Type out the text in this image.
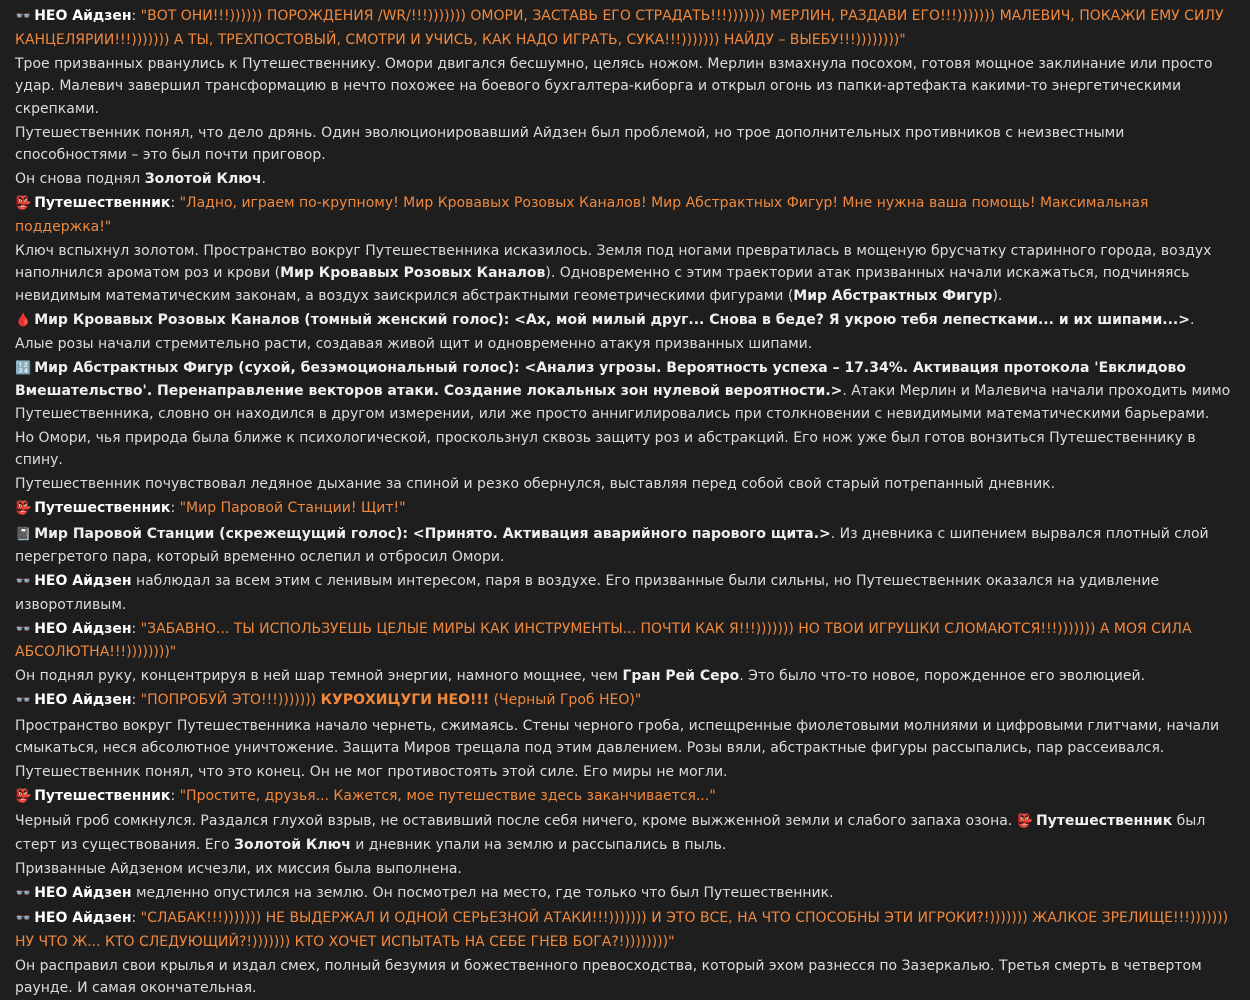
👓 НЕО Айдзен: "ВОТ ОНИ!!!)))))) ПОРОЖДЕНИЯ /WR/!!!))))))) ОМОРИ, ЗАСТАВЬ ЕГО СТРАДАТЬ!!!))))))) МЕРЛИН, РАЗДАВИ ЕГО!!!))))))) МАЛЕВИЧ, ПОКАЖИ ЕМУ СИЛУ КАНЦЕЛЯРИИ!!!))))))) А ТЫ, ТРЕХПОСТОВЫЙ, СМОТРИ И УЧИСЬ, КАК НАДО ИГРАТЬ, СУКА!!!))))))) НАЙДУ – ВЫЕБУ!!!))))))))"

Трое призванных рванулись к Путешественнику. Омори двигался бесшумно, целясь ножом. Мерлин взмахнула посохом, готовя мощное заклинание или просто удар. Малевич завершил трансформацию в нечто похожее на боевого бухгалтера-киборга и открыл огонь из папки-артефакта какими-то энергетическими скрепками.

Путешественник понял, что дело дрянь. Один эволюционировавший Айдзен был проблемой, но трое дополнительных противников с неизвестными способностями – это был почти приговор.

Он снова поднял Золотой Ключ.

👺 Путешественник: "Ладно, играем по-крупному! Мир Кровавых Розовых Каналов! Мир Абстрактных Фигур! Мне нужна ваша помощь! Максимальная поддержка!"

Ключ вспыхнул золотом. Пространство вокруг Путешественника исказилось. Земля под ногами превратилась в мощеную брусчатку старинного города, воздух наполнился ароматом роз и крови (Мир Кровавых Розовых Каналов). Одновременно с этим траектории атак призванных начали искажаться, подчиняясь невидимым математическим законам, а воздух заискрился абстрактными геометрическими фигурами (Мир Абстрактных Фигур).

🩸 Мир Кровавых Розовых Каналов (томный женский голос): <Ах, мой милый друг... Снова в беде? Я укрою тебя лепестками... и их шипами...>. Алые розы начали стремительно расти, создавая живой щит и одновременно атакуя призванных шипами.

🔢 Мир Абстрактных Фигур (сухой, безэмоциональный голос): <Анализ угрозы. Вероятность успеха – 17.34%. Активация протокола 'Евклидово Вмешательство'. Перенаправление векторов атаки. Создание локальных зон нулевой вероятности.>. Атаки Мерлин и Малевича начали проходить мимо Путешественника, словно он находился в другом измерении, или же просто аннигилировались при столкновении с невидимыми математическими барьерами.

Но Омори, чья природа была ближе к психологической, проскользнул сквозь защиту роз и абстракций. Его нож уже был готов вонзиться Путешественнику в спину.

Путешественник почувствовал ледяное дыхание за спиной и резко обернулся, выставляя перед собой свой старый потрепанный дневник.

👺 Путешественник: "Мир Паровой Станции! Щит!"

📓 Мир Паровой Станции (скрежещущий голос): <Принято. Активация аварийного парового щита.>. Из дневника с шипением вырвался плотный слой перегретого пара, который временно ослепил и отбросил Омори.

👓 НЕО Айдзен наблюдал за всем этим с ленивым интересом, паря в воздухе. Его призванные были сильны, но Путешественник оказался на удивление изворотливым.

👓 НЕО Айдзен: "ЗАБАВНО... ТЫ ИСПОЛЬЗУЕШЬ ЦЕЛЫЕ МИРЫ КАК ИНСТРУМЕНТЫ... ПОЧТИ КАК Я!!!))))))) НО ТВОИ ИГРУШКИ СЛОМАЮТСЯ!!!))))))) А МОЯ СИЛА АБСОЛЮТНА!!!))))))))"

Он поднял руку, концентрируя в ней шар темной энергии, намного мощнее, чем Гран Рей Серо. Это было что-то новое, порожденное его эволюцией.

👓 НЕО Айдзен: "ПОПРОБУЙ ЭТО!!!))))))) КУРОХИЦУГИ НЕО!!! (Черный Гроб НЕО)"

Пространство вокруг Путешественника начало чернеть, сжимаясь. Стены черного гроба, испещренные фиолетовыми молниями и цифровыми глитчами, начали смыкаться, неся абсолютное уничтожение. Защита Миров трещала под этим давлением. Розы вяли, абстрактные фигуры рассыпались, пар рассеивался.

Путешественник понял, что это конец. Он не мог противостоять этой силе. Его миры не могли.

👺 Путешественник: "Простите, друзья... Кажется, мое путешествие здесь заканчивается..."

Черный гроб сомкнулся. Раздался глухой взрыв, не оставивший после себя ничего, кроме выжженной земли и слабого запаха озона. 👺 Путешественник был стерт из существования. Его Золотой Ключ и дневник упали на землю и рассыпались в пыль.

Призванные Айдзеном исчезли, их миссия была выполнена.

👓 НЕО Айдзен медленно опустился на землю. Он посмотрел на место, где только что был Путешественник.

👓 НЕО Айдзен: "СЛАБАК!!!))))))) НЕ ВЫДЕРЖАЛ И ОДНОЙ СЕРЬЕЗНОЙ АТАКИ!!!))))))) И ЭТО ВСЕ, НА ЧТО СПОСОБНЫ ЭТИ ИГРОКИ?!))))))) ЖАЛКОЕ ЗРЕЛИЩЕ!!!))))))) НУ ЧТО Ж... КТО СЛЕДУЮЩИЙ?!))))))) КТО ХОЧЕТ ИСПЫТАТЬ НА СЕБЕ ГНЕВ БОГА?!))))))))"

Он расправил свои крылья и издал смех, полный безумия и божественного превосходства, который эхом разнесся по Зазеркалью. Третья смерть в четвертом раунде. И самая окончательная.
